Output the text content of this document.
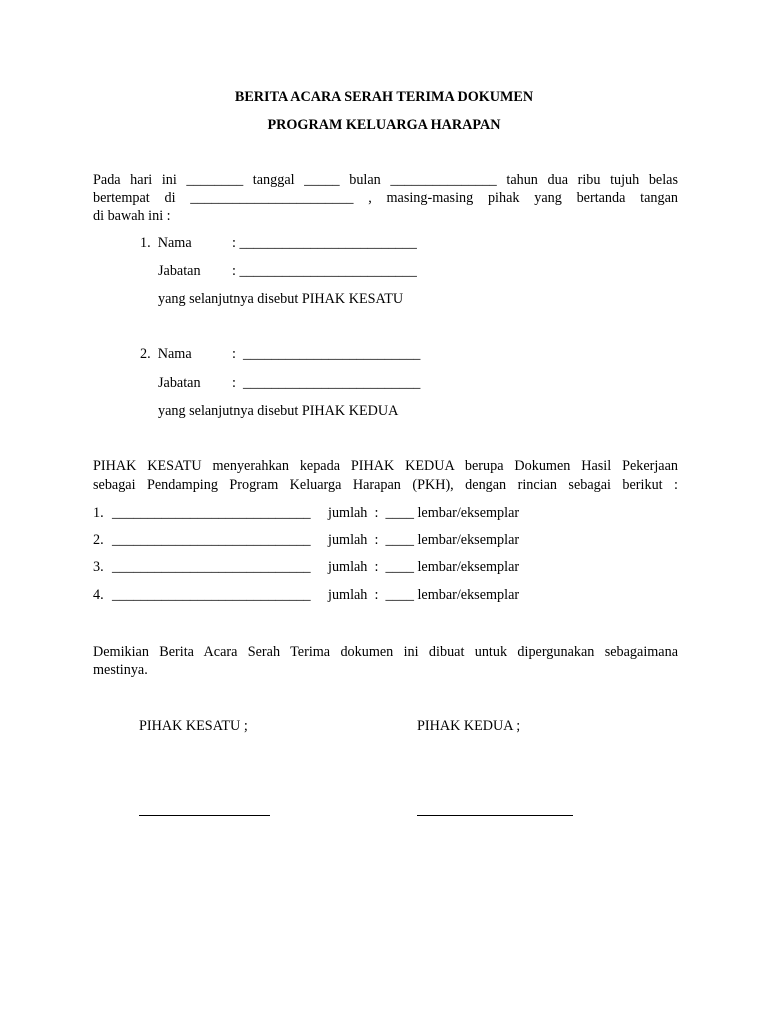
BERITA ACARA SERAH TERIMA DOKUMEN
PROGRAM KELUARGA HARAPAN
Pada hari ini ________ tanggal _____ bulan _______________ tahun dua ribu tujuh belas
bertempat di _______________________ , masing-masing pihak yang bertanda tangan
di bawah ini :
1.  Nama	: _________________________
Jabatan : _________________________
yang selanjutnya disebut PIHAK KESATU
2.  Nama	:  _________________________
Jabatan :  _________________________
yang selanjutnya disebut PIHAK KEDUA
PIHAK KESATU menyerahkan kepada PIHAK KEDUA berupa Dokumen Hasil Pekerjaan
sebagai Pendamping Program Keluarga Harapan (PKH), dengan rincian sebagai berikut :
1. ____________________________ jumlah  :  ____ lembar/eksemplar
2. ____________________________ jumlah  :  ____ lembar/eksemplar
3. ____________________________ jumlah  :  ____ lembar/eksemplar
4. ____________________________ jumlah  :  ____ lembar/eksemplar
Demikian Berita Acara Serah Terima dokumen ini dibuat untuk dipergunakan sebagaimana
mestinya.
PIHAK KESATU ;	PIHAK KEDUA ;
